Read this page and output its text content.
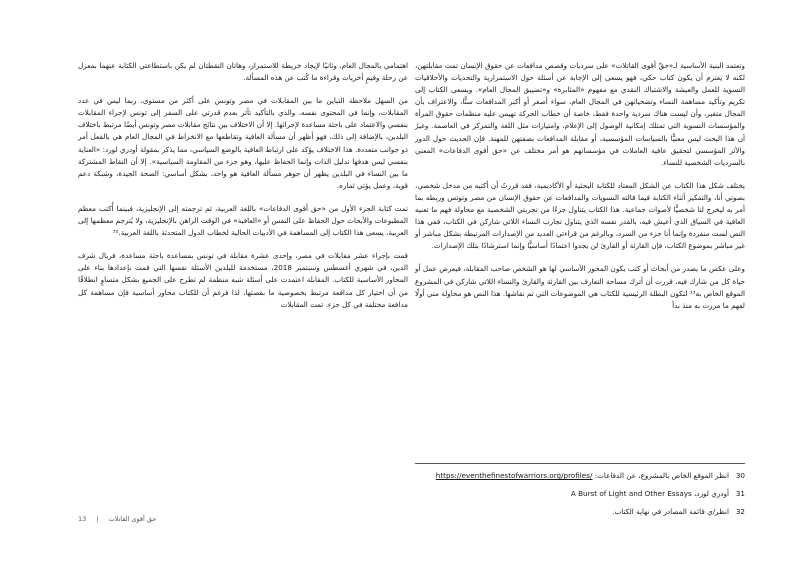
وتعتمد البنية الأساسية لـ«حقّ أقوى القاتلات» على سرديات وقصص مدافعات عن حقوق الإنسان تمت مقابلتهن، لكنه لا يعتزم أن يكون كتاب حكي، فهو يسعى إلى الإجابة عن أسئلة حول الاستمرارية والتحديات والأخلاقيات النسوية للعمل والعيشة والاشتباك النقدي مع مفهوم «المثابرة» و«تضييق المجال العام». ويسعى الكتاب إلى تكريم وتأكيد مساهمة النساء وتضحياتهن في المجال العام، سواء أصغر أو أكبر المدافعات سنًّا، والاعتراف بأن المجال متغير، وأن ليست هناك سردية واحدة فقط، خاصة أن خطاب الحركة تهيمن عليه منظمات حقوق المرأة والمؤسسات النسوية التي تمتلك إمكانية الوصول إلى الإعلام، وامتيازات مثل اللغة والتمركز في العاصمة. وغيرُ أن هذا البحث ليس معنيًّا بالسياسات المؤسسية، أو مقابلة المدافعات بصفتهن للمهنة. فإن الحديث حول الدور والأثر المؤسسي لتحقيق عافية العاملات في مؤسساتهم هو أمر مختلف عن «حق أقوى الدفاعات» المعني بالسرديات الشخصية للنساء.

يختلف شكل هذا الكتاب عن الشكل المعتاد للكتابة البحثية أو الأكاديمية، فقد قررتُ أن أكتبه من مدخل شخصي، بصوتي أنا، والتفكير أثناء الكتابة فيما قالته النسويات والمدافعات عن حقوق الإنسان من مصر وتونس وربطه بما أمر به ليخرج لنا شخصيًّا لأصوات جماعية. هذا الكتاب يتناول جزءًا من تجربتي الشخصية مع محاولة فهم ما تعنيه العافية في السياق الذي أعيش فيه، بالقدر نفسه الذي يتناول تجارب النساء اللاتي شاركن في الكتاب، ففي هذا النص لست منفردة وإنما أنا جزء من السرد، وبالرغم من قراءتي العديد من الإصدارات المرتبطة بشكل مباشر أو غير مباشر بموضوع الكتاب، فإن القارئة أو القارئ لن يجدوا اعتمادًا أساسيًّا وإنما استرشادًا بتلك الإصدارات.

وعلى عكس ما يصدر من أبحاث أو كتب يكون المحور الأساسي لها هو الشخص صاحب المقابلة، فيعرض عمل أو حياة كل من شارك فيه، قررت أن أترك مساحة التعارف بين القارئة والقارئ والنساء اللاتي شاركن في المشروع الموقع الخاص به¹³ لتكون البطلة الرئيسية للكتاب هي الموضوعات التي تم نقاشها. هذا النص هو محاولة مني أولًا لفهم ما مررت به منذ بدأ

اهتمامي بالمجال العام، وثانيًا لإيجاد خريطة للاستمرار، وهاتان النقطتان لم يكن باستطاعتي الكتابة عنهما بمعزل عن رحلة وقيمٍ أخريات وقراءة ما كُتب عن هذه المسألة.

من السهل ملاحظة التباين ما بين المقابلات في مصر وتونس على أكثر من مستوى، ربما ليس في عدد المقابلات، وإنما في المحتوى نفسه، والذي بالتأكيد تأثر بعدم قدرتي على السفر إلى تونس لإجراء المقابلات بنفسي والاعتماد على باحثة مساعدة لإجرائها. إلا أن الاختلاف بين نتائج مقابلات مصر وتونس أيضًا مرتبط باختلاف البلدين، بالإضافة إلى ذلك، فهو أظهر أن مسألة العافية وتقاطعها مع الانخراط في المجال العام هي بالفعل أمر ذو جوانب متعددة. هذا الاختلاف يؤكد على ارتباط العافية بالوضع السياسي، مما يذكر بمقولة أودري لورد: «العناية بنفسي ليس هدفها تدليل الذات وإنما الحفاظ عليها، وهو جزء من المقاومة السياسية». إلا أن النقاط المشتركة ما بين النساء في البلدين يظهر أن جوهر مسألة العافية هو واحد، بشكل أساسي: الصحة الجيدة، وشبكة دعم قوية، وعمل يؤتي ثماره.

تمت كتابة الجزء الأول من «حق أقوى الدفاعات» باللغة العربية، ثم ترجمته إلى الإنجليزية، فبينما أُكتب معظم المطبوعات والأبحاث حول الحفاظ على النفس أو «العافية» في الوقت الراهن بالإنجليزية، ولا يُترجم معظمها إلى العربية، يسعى هذا الكتاب إلى المساهمة في الأدبيات الحالية لخطاب الدول المتحدثة باللغة العربية.³²

قمت بإجراء عشر مقابلات في مصر، وإحدى عشرة مقابلة في تونس بمساعدة باحثة مساعدة، فريال شرف الدين، في شهري أغسطس وسبتمبر 2018، مستخدمة للبلدين الأسئلة نفسها التي قمت بإعدادها بناء على المحاور الأساسية للكتاب. المقابلة اعتمدت على أسئلة شبه منظمة لم تطرح على الجميع بشكل متساوٍ انطلاقًا من أن اختيار كل مدافعة مرتبط بخصوصية ما بقصتها، لذا فرغم أن للكتاب محاور أساسية فإن مساهمة كل مدافعة مختلفة في كل جزء. تمت المقابلات

30
انظر الموقع الخاص بالمشروع، عن الدفاعات: https://eventhefinestofwarriors.org/profiles/
31
أودري لورد، A Burst of Light and Other Essays
32
انظر/ي قائمة المصادر في نهاية الكتاب.
حق أقوى القاتلات
|
13
